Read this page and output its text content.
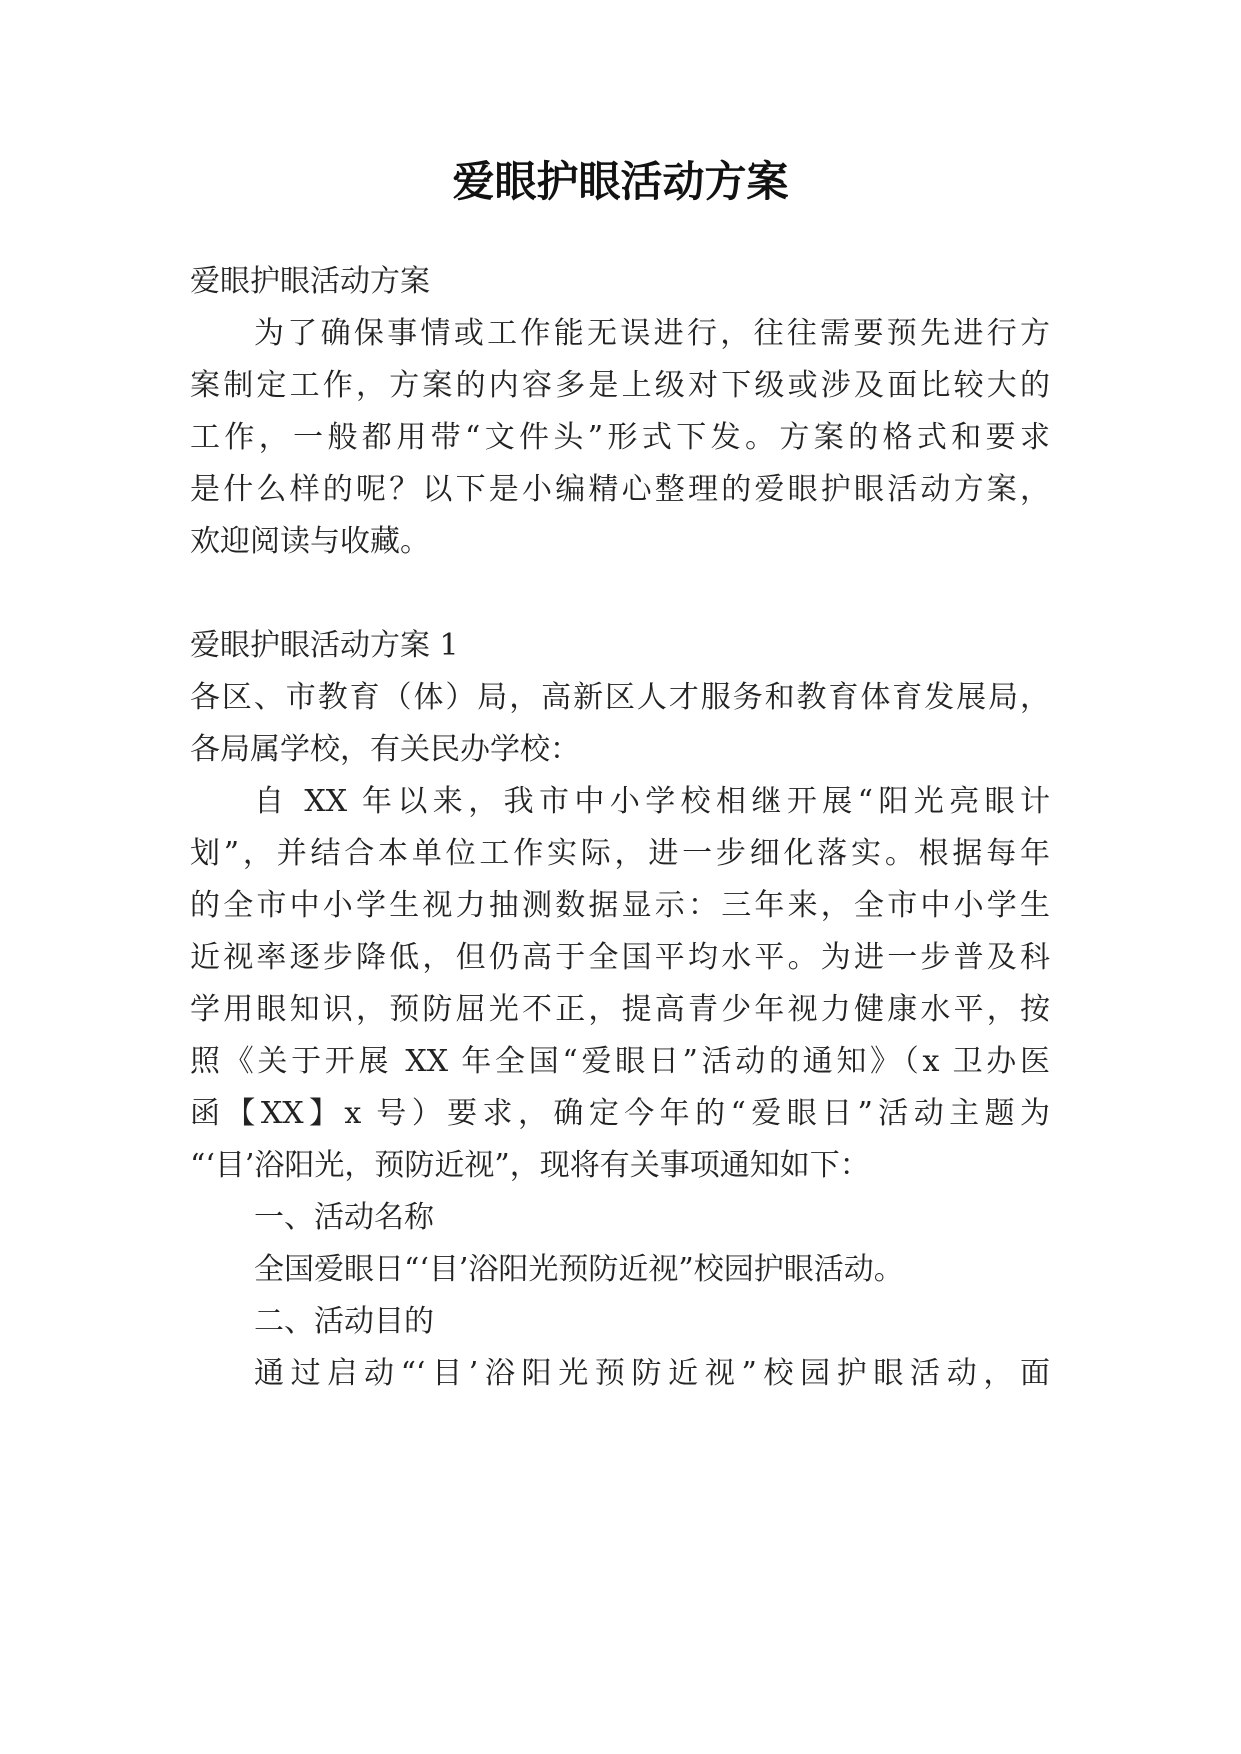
爱眼护眼活动方案

爱眼护眼活动方案

为了确保事情或工作能无误进行，往往需要预先进行方

案制定工作，方案的内容多是上级对下级或涉及面比较大的

工作，一般都用带“文件头”形式下发。方案的格式和要求

是什么样的呢？以下是小编精心整理的爱眼护眼活动方案，

欢迎阅读与收藏。

爱眼护眼活动方案 1

各区、市教育（体）局，高新区人才服务和教育体育发展局，

各局属学校，有关民办学校：

自 XX 年以来，我市中小学校相继开展“阳光亮眼计

划”，并结合本单位工作实际，进一步细化落实。根据每年

的全市中小学生视力抽测数据显示：三年来，全市中小学生

近视率逐步降低，但仍高于全国平均水平。为进一步普及科

学用眼知识，预防屈光不正，提高青少年视力健康水平，按

照《关于开展 XX 年全国“爱眼日”活动的通知》（x 卫办医

函【XX】x 号）要求，确定今年的“爱眼日”活动主题为

“‘目’浴阳光，预防近视”，现将有关事项通知如下：

一、活动名称

全国爱眼日“‘目’浴阳光预防近视”校园护眼活动。

二、活动目的

通过启动“‘目’浴阳光预防近视”校园护眼活动，面
